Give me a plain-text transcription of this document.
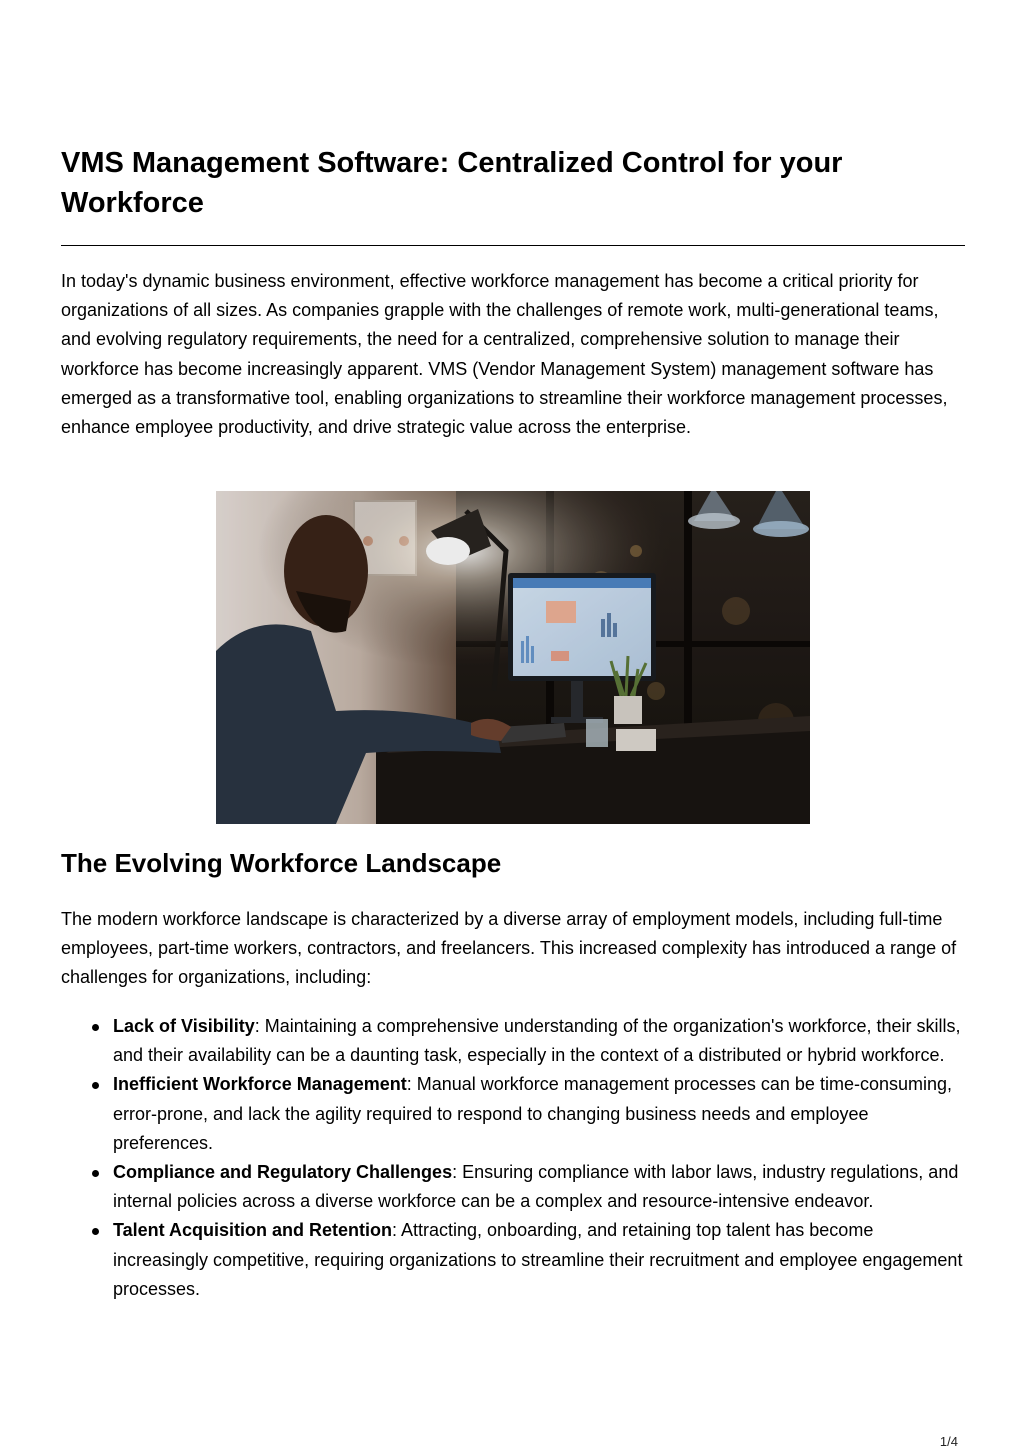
VMS Management Software: Centralized Control for your Workforce

In today's dynamic business environment, effective workforce management has become a critical priority for organizations of all sizes. As companies grapple with the challenges of remote work, multi-generational teams, and evolving regulatory requirements, the need for a centralized, comprehensive solution to manage their workforce has become increasingly apparent. VMS (Vendor Management System) management software has emerged as a transformative tool, enabling organizations to streamline their workforce management processes, enhance employee productivity, and drive strategic value across the enterprise.

The Evolving Workforce Landscape

The modern workforce landscape is characterized by a diverse array of employment models, including full-time employees, part-time workers, contractors, and freelancers. This increased complexity has introduced a range of challenges for organizations, including:

Lack of Visibility: Maintaining a comprehensive understanding of the organization's workforce, their skills, and their availability can be a daunting task, especially in the context of a distributed or hybrid workforce.
Inefficient Workforce Management: Manual workforce management processes can be time-consuming, error-prone, and lack the agility required to respond to changing business needs and employee preferences.
Compliance and Regulatory Challenges: Ensuring compliance with labor laws, industry regulations, and internal policies across a diverse workforce can be a complex and resource-intensive endeavor.
Talent Acquisition and Retention: Attracting, onboarding, and retaining top talent has become increasingly competitive, requiring organizations to streamline their recruitment and employee engagement processes.
1/4
